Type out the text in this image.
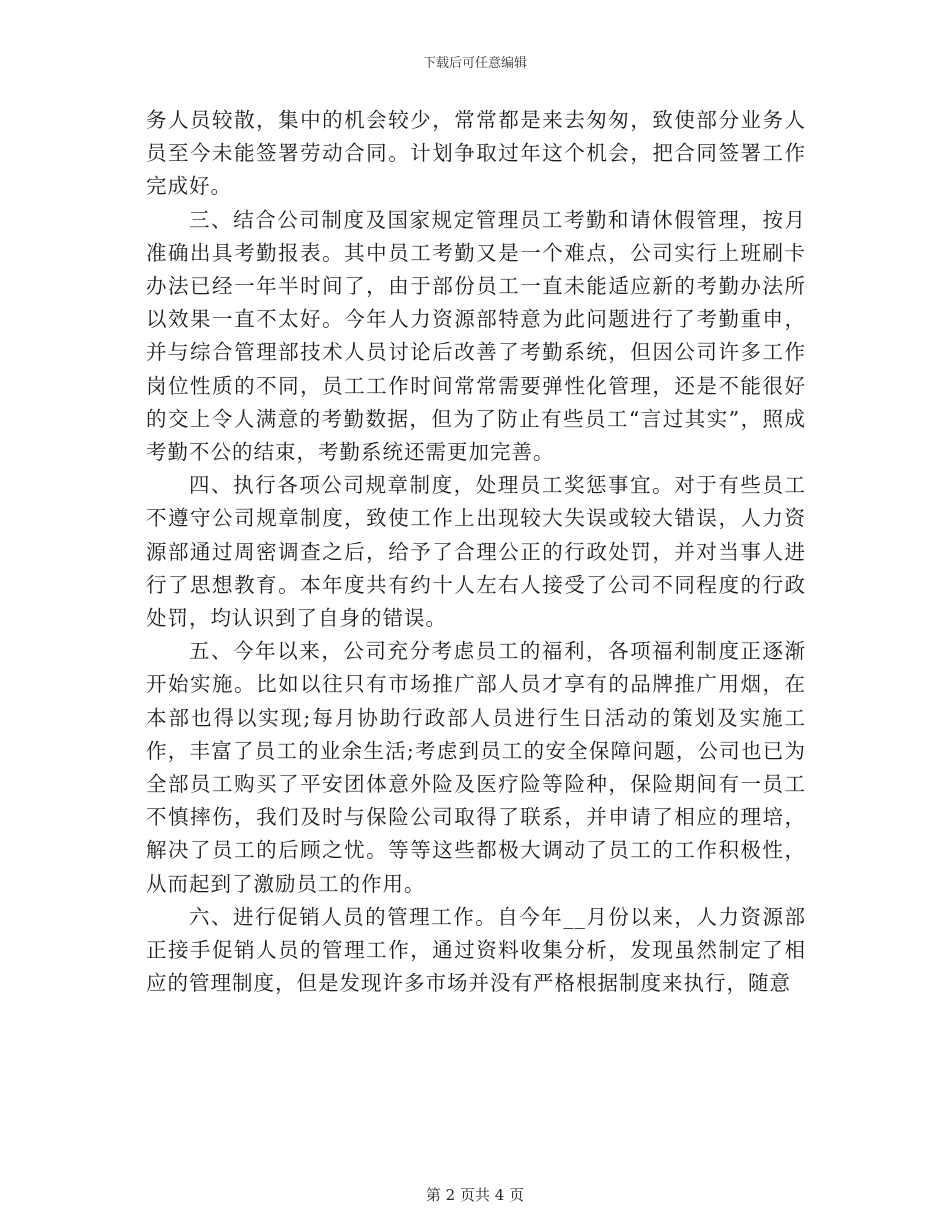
下载后可任意编辑

务人员较散，集中的机会较少，常常都是来去匆匆，致使部分业务人员至今未能签署劳动合同。计划争取过年这个机会，把合同签署工作完成好。

三、结合公司制度及国家规定管理员工考勤和请休假管理，按月准确出具考勤报表。其中员工考勤又是一个难点，公司实行上班刷卡办法已经一年半时间了，由于部份员工一直未能适应新的考勤办法所以效果一直不太好。今年人力资源部特意为此问题进行了考勤重申，并与综合管理部技术人员讨论后改善了考勤系统，但因公司许多工作岗位性质的不同，员工工作时间常常需要弹性化管理，还是不能很好的交上令人满意的考勤数据，但为了防止有些员工“言过其实”，照成考勤不公的结束，考勤系统还需更加完善。

四、执行各项公司规章制度，处理员工奖惩事宜。对于有些员工不遵守公司规章制度，致使工作上出现较大失误或较大错误，人力资源部通过周密调查之后，给予了合理公正的行政处罚，并对当事人进行了思想教育。本年度共有约十人左右人接受了公司不同程度的行政处罚，均认识到了自身的错误。

五、今年以来，公司充分考虑员工的福利，各项福利制度正逐渐开始实施。比如以往只有市场推广部人员才享有的品牌推广用烟，在本部也得以实现;每月协助行政部人员进行生日活动的策划及实施工作，丰富了员工的业余生活;考虑到员工的安全保障问题，公司也已为全部员工购买了平安团体意外险及医疗险等险种，保险期间有一员工不慎摔伤，我们及时与保险公司取得了联系，并申请了相应的理培，解决了员工的后顾之忧。等等这些都极大调动了员工的工作积极性，从而起到了激励员工的作用。

六、进行促销人员的管理工作。自今年__月份以来，人力资源部正接手促销人员的管理工作，通过资料收集分析，发现虽然制定了相应的管理制度，但是发现许多市场并没有严格根据制度来执行，随意

第 2 页共 4 页
